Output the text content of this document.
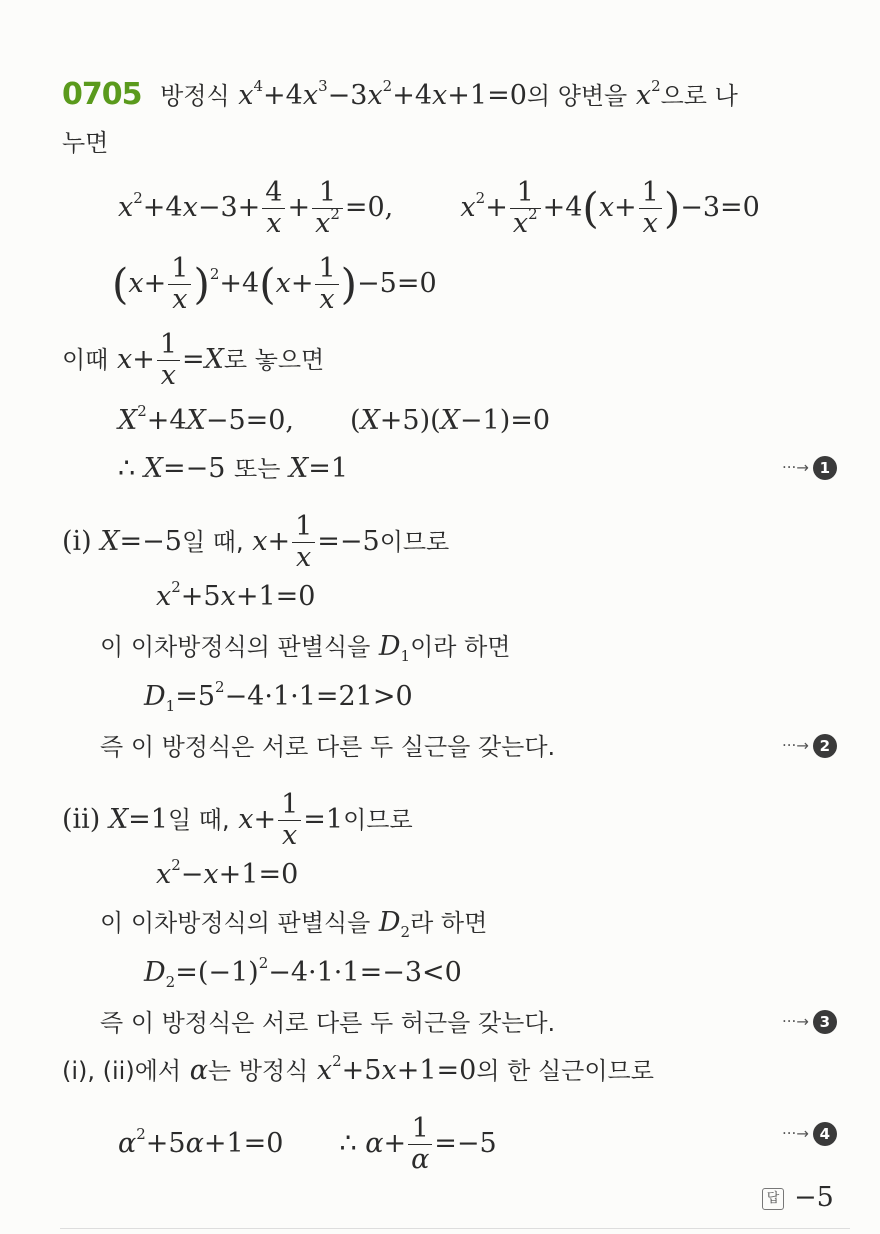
0705 방정식 $x^4+4x^3-3x^2+4x+1=0$의 양변을 $x^2$으로 나
누면
$x^2+4x-3+ \frac{4}{x} + \frac{1}{x^2} =0$,  $x^2+ \frac{1}{x^2} +4(x+ \frac{1}{x} )-3=0$
$(x+ \frac{1}{x} )^2+4(x+ \frac{1}{x} )-5=0$
이때 $x+ \frac{1}{x} =X$로 놓으면
$X^2+4X-5=0$, (X+5)(X−1)=0
∴ X=−5 또는 X=1	···→ 1
(i) X=−5일 때, $x+ \frac{1}{x} =-5$이므로
$x^2+5x+1=0$
이 이차방정식의 판별식을 $D_1$이라 하면
$D_1=5^2-4\cdot 1\cdot 1=21>0$
즉 이 방정식은 서로 다른 두 실근을 갖는다.	···→ 2
(ii) X=1일 때, $x+ \frac{1}{x} =1$이므로
$x^2-x+1=0$
이 이차방정식의 판별식을 $D_2$라 하면
$D_2=(-1)^2-4\cdot 1\cdot 1=-3<0$
즉 이 방정식은 서로 다른 두 허근을 갖는다.	···→ 3
(i), (ii)에서 α는 방정식 $x^2+5x+1=0$의 한 실근이므로
$\alpha^2+5\alpha+1=0$ ∴ $\alpha+ \frac{1}{\alpha} =-5$	···→ 4
답 −5
